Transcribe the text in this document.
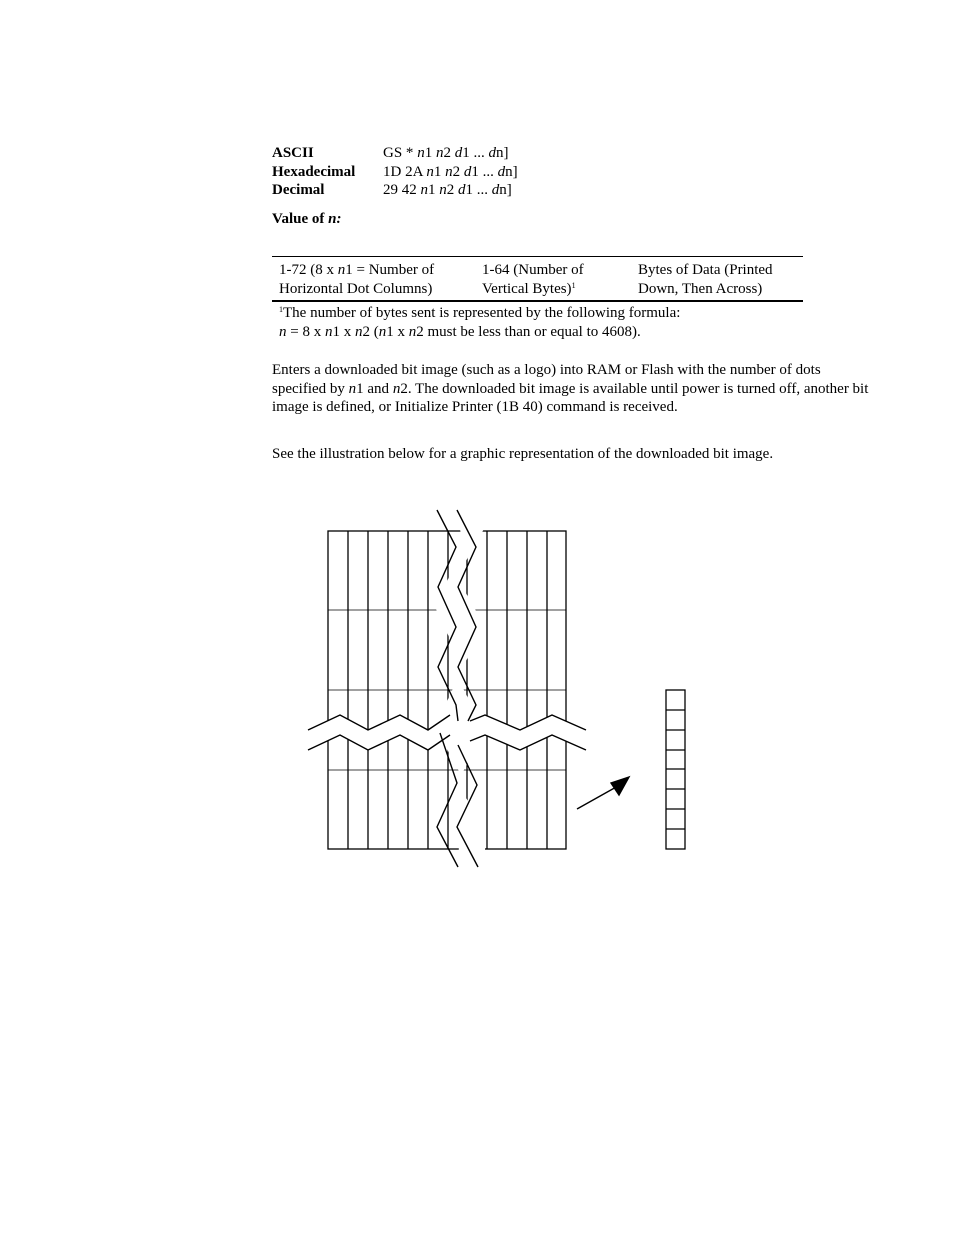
ASCII	GS * n1 n2 d1 ... dn]
Hexadecimal 1D 2A n1 n2 d1 ... dn]
Decimal	29 42 n1 n2 d1 ... dn]
Value of n:
1-72 (8 x n1 = Number of
Horizontal Dot Columns)
1-64 (Number of
Vertical Bytes)$^1$
Bytes of Data (Printed
Down, Then Across)
$^1$The number of bytes sent is represented by the following formula:
n = 8 x n1 x n2 (n1 x n2 must be less than or equal to 4608).
Enters a downloaded bit image (such as a logo) into RAM or Flash with the number of dots specified by n1 and n2. The downloaded bit image is available until power is turned off, another bit image is defined, or Initialize Printer (1B 40) command is received.
See the illustration below for a graphic representation of the downloaded bit image.
